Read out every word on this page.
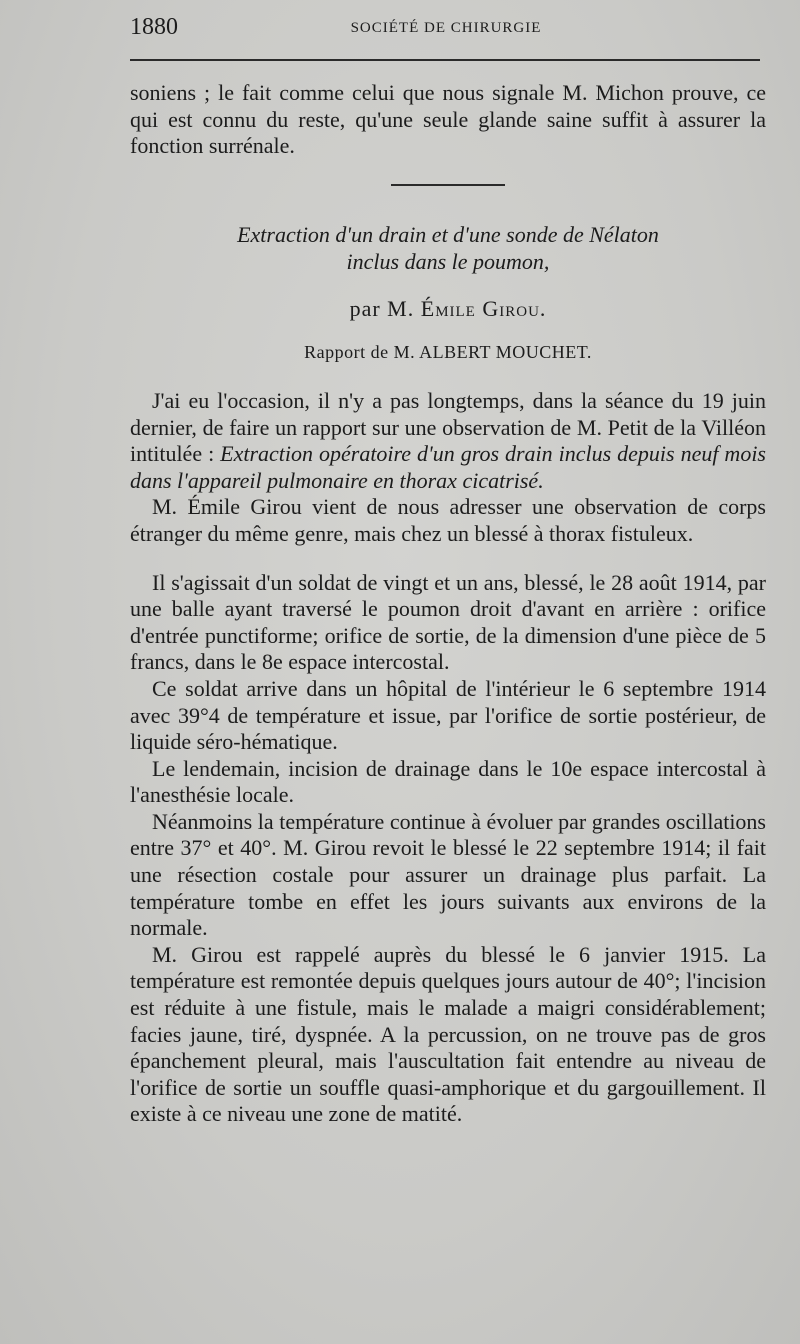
1880	SOCIÉTÉ DE CHIRURGIE

soniens ; le fait comme celui que nous signale M. Michon prouve, ce qui est connu du reste, qu'une seule glande saine suffit à assurer la fonction surrénale.

Extraction d'un drain et d'une sonde de Nélaton
inclus dans le poumon,
par M. Émile Girou.
Rapport de M. ALBERT MOUCHET.

J'ai eu l'occasion, il n'y a pas longtemps, dans la séance du 19 juin dernier, de faire un rapport sur une observation de M. Petit de la Villéon intitulée : Extraction opératoire d'un gros drain inclus depuis neuf mois dans l'appareil pulmonaire en thorax cicatrisé.

M. Émile Girou vient de nous adresser une observation de corps étranger du même genre, mais chez un blessé à thorax fistuleux.

Il s'agissait d'un soldat de vingt et un ans, blessé, le 28 août 1914, par une balle ayant traversé le poumon droit d'avant en arrière : orifice d'entrée punctiforme; orifice de sortie, de la dimension d'une pièce de 5 francs, dans le 8e espace intercostal.

Ce soldat arrive dans un hôpital de l'intérieur le 6 septembre 1914 avec 39°4 de température et issue, par l'orifice de sortie postérieur, de liquide séro-hématique.

Le lendemain, incision de drainage dans le 10e espace intercostal à l'anesthésie locale.

Néanmoins la température continue à évoluer par grandes oscillations entre 37° et 40°. M. Girou revoit le blessé le 22 septembre 1914; il fait une résection costale pour assurer un drainage plus parfait. La température tombe en effet les jours suivants aux environs de la normale.

M. Girou est rappelé auprès du blessé le 6 janvier 1915. La température est remontée depuis quelques jours autour de 40°; l'incision est réduite à une fistule, mais le malade a maigri considérablement; facies jaune, tiré, dyspnée. A la percussion, on ne trouve pas de gros épanchement pleural, mais l'auscultation fait entendre au niveau de l'orifice de sortie un souffle quasi-amphorique et du gargouillement. Il existe à ce niveau une zone de matité.
